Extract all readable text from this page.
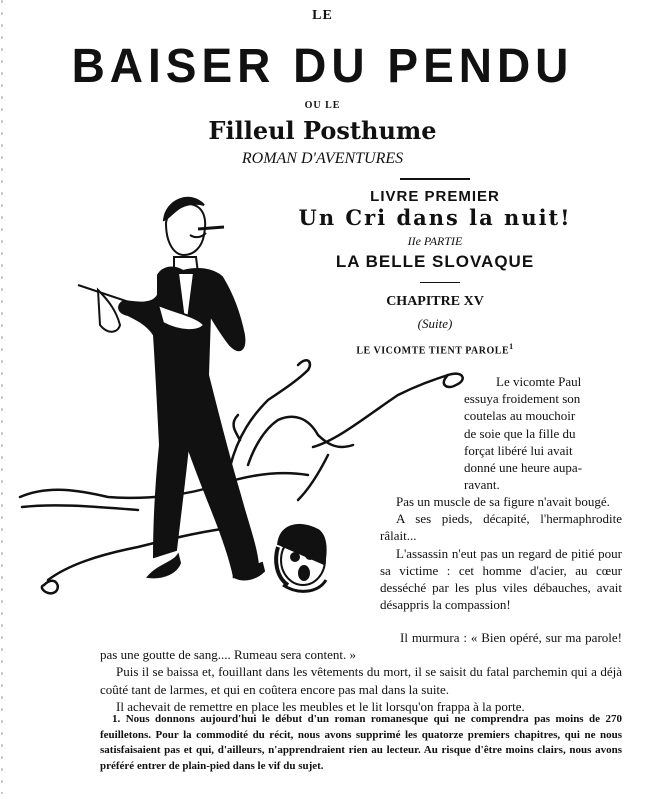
LE
BAISER DU PENDU
OU LE
Filleul Posthume
ROMAN D'AVENTURES
LIVRE PREMIER
Un Cri dans la nuit!
IIe PARTIE
LA BELLE SLOVAQUE
CHAPITRE XV
(Suite)
LE VICOMTE TIENT PAROLE$^1$
Le vicomte Paul
essuya froidement son
coutelas au mouchoir
de soie que la fille du
forçat libéré lui avait
donné une heure aupa-
ravant.

Pas un muscle de sa figure n'avait bougé.

A ses pieds, décapité, l'hermaphrodite râlait...

L'assassin n'eut pas un regard de pitié pour sa victime : cet homme d'acier, au cœur desséché par les plus viles débauches, avait désappris la compassion!

Il murmura : « Bien opéré, sur ma parole! pas une goutte de sang.... Rumeau sera content. »

Puis il se baissa et, fouillant dans les vêtements du mort, il se saisit du fatal parchemin qui a déjà coûté tant de larmes, et qui en coûtera encore pas mal dans la suite.

Il achevait de remettre en place les meubles et le lit lorsqu'on frappa à la porte.

1. Nous donnons aujourd'hui le début d'un roman romanesque qui ne comprendra pas moins de 270 feuilletons. Pour la commodité du récit, nous avons supprimé les quatorze premiers chapitres, qui ne nous satisfaisaient pas et qui, d'ailleurs, n'apprendraient rien au lecteur. Au risque d'être moins clairs, nous avons préféré entrer de plain-pied dans le vif du sujet.
